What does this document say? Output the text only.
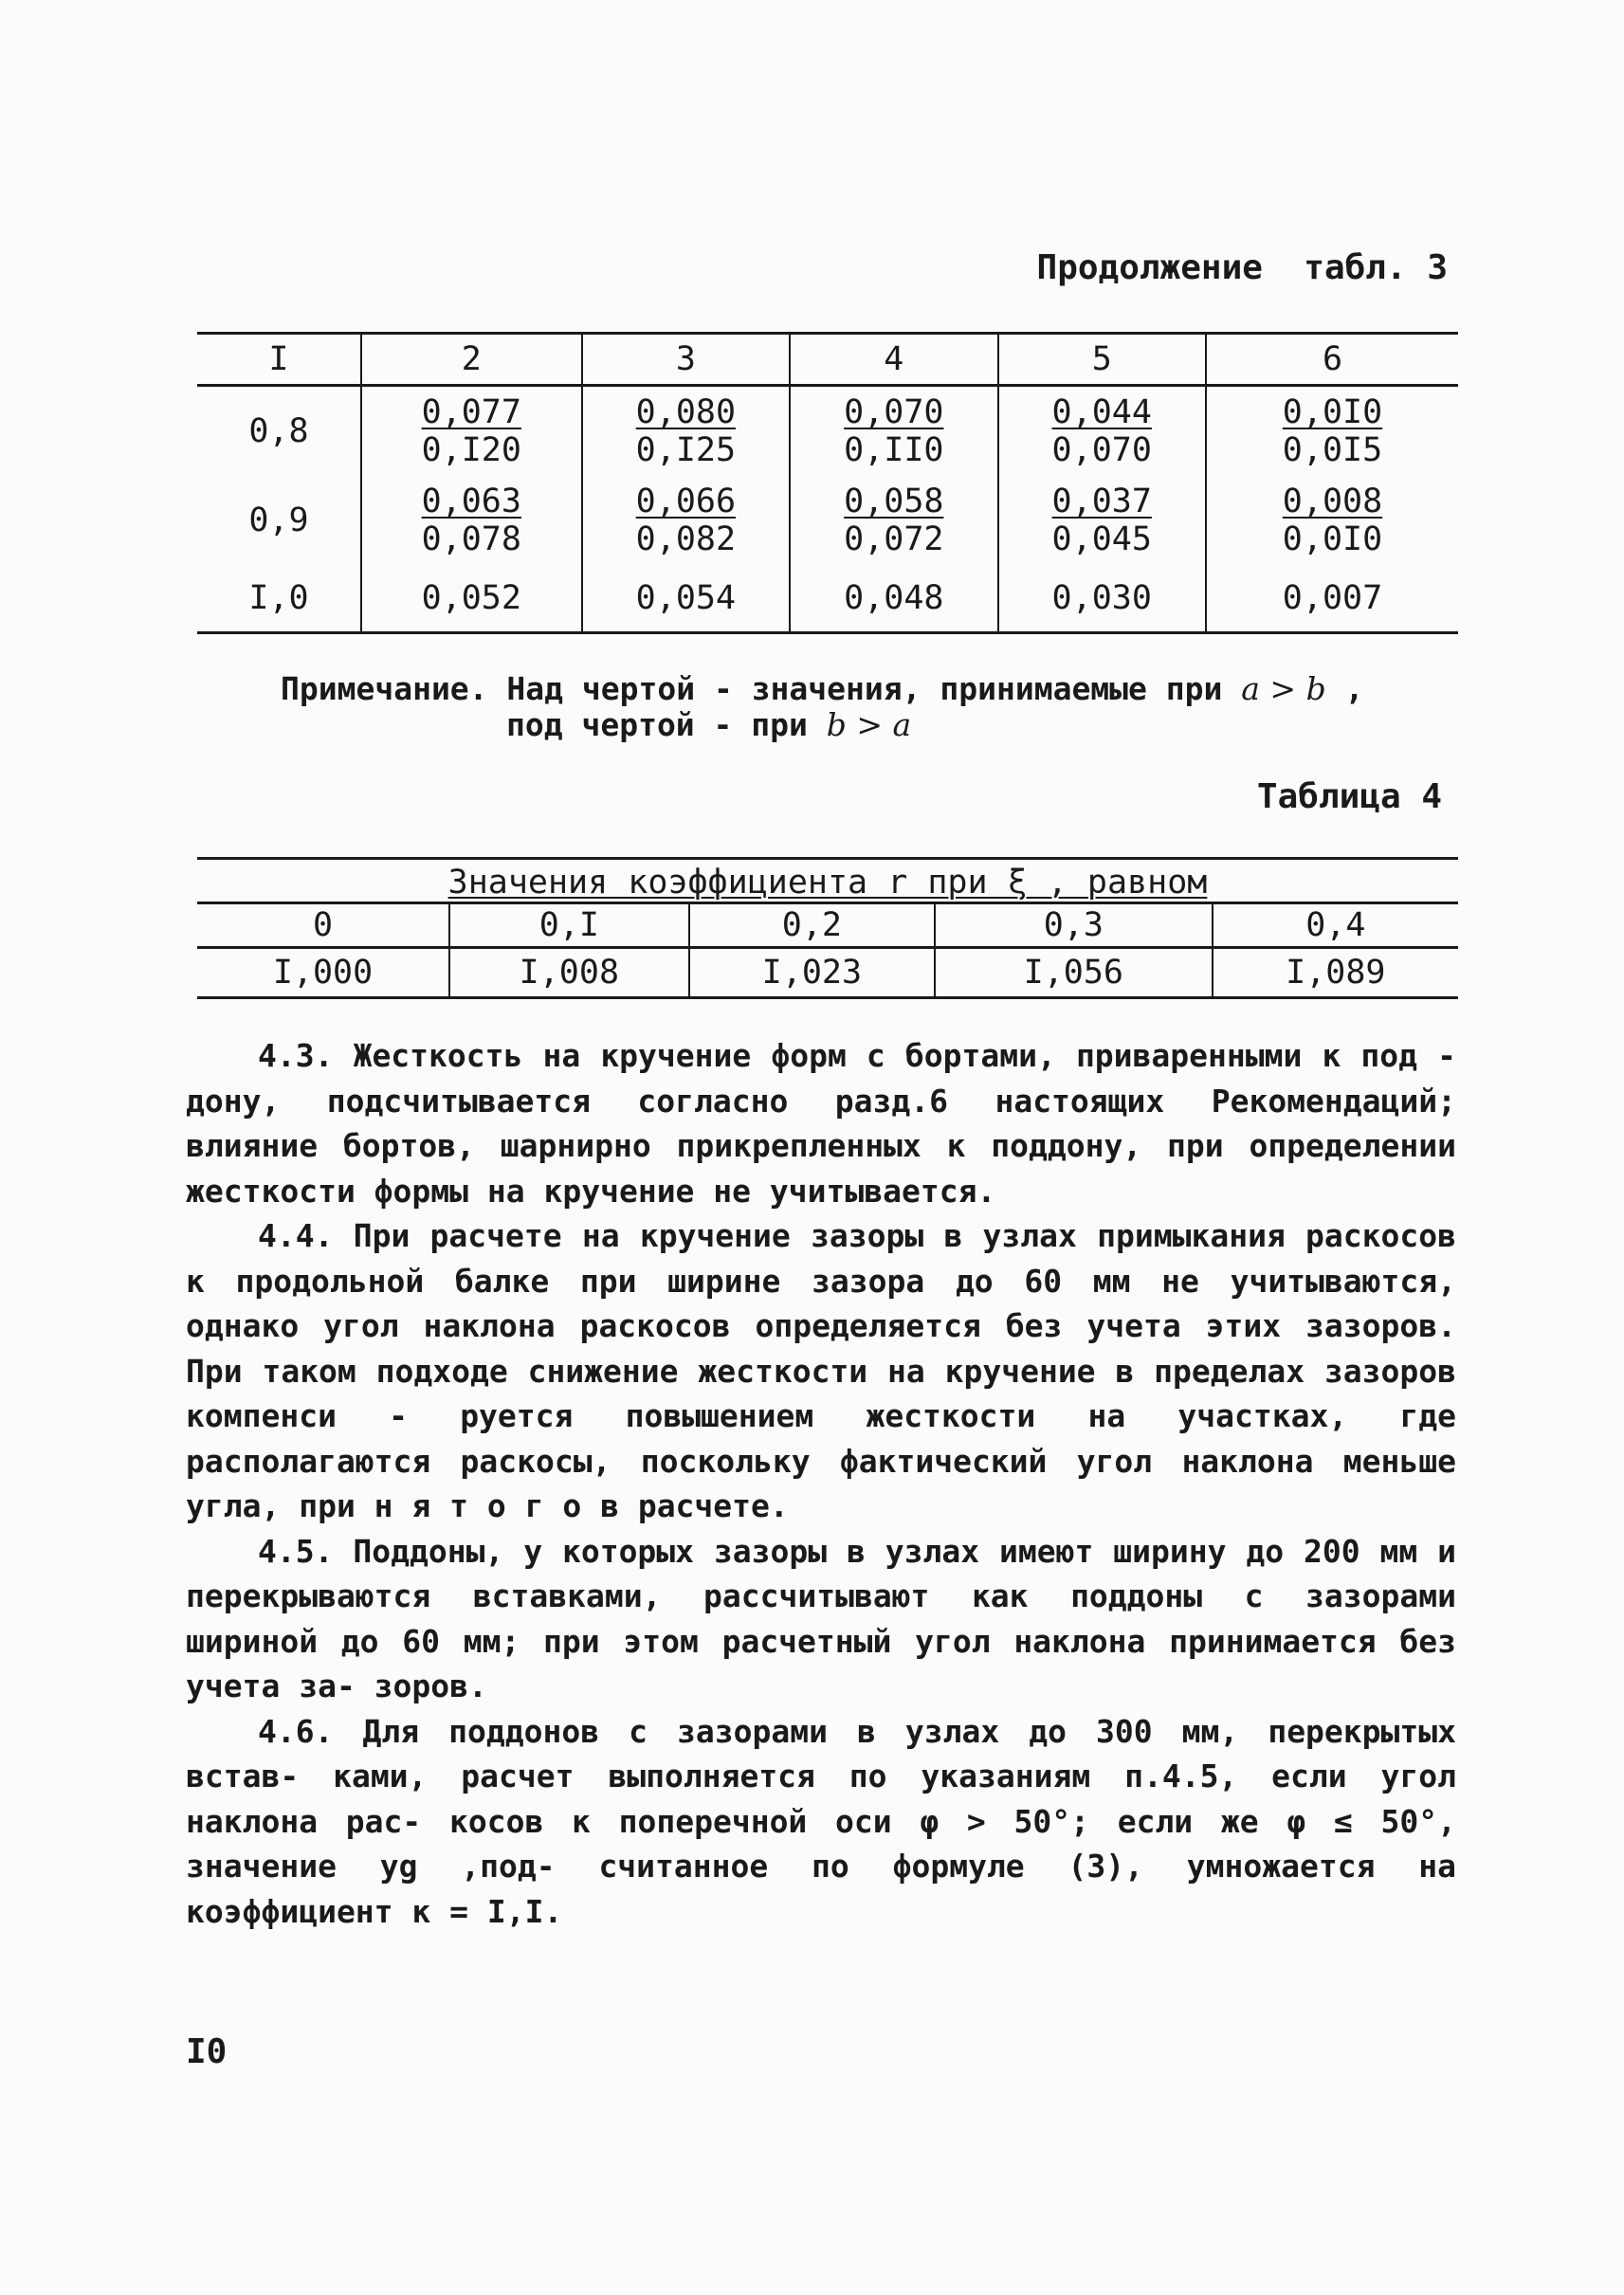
Продолжение  табл. 3
I	2	3	4	5	6
0,8	$\frac{0,077}{0,I20}$	$\frac{0,080}{0,I25}$	$\frac{0,070}{0,II0}$	$\frac{0,044}{0,070}$	$\frac{0,0I0}{0,0I5}$

0,9	$\frac{0,063}{0,078}$	$\frac{0,066}{0,082}$	$\frac{0,058}{0,072}$	$\frac{0,037}{0,045}$	$\frac{0,008}{0,0I0}$

I,0	0,052	0,054	0,048	0,030	0,007
Примечание. Над чертой - значения, принимаемые при a > b ,
под чертой - при b > a
Таблица 4
Значения коэффициента r при ξ , равном				
0	0,I	0,2	0,3	0,4
I,000	I,008	I,023	I,056	I,089

4.3. Жесткость на кручение форм с бортами, приваренными к под - дону, подсчитывается согласно разд.6 настоящих Рекомендаций; влияние бортов, шарнирно прикрепленных к поддону, при определении жесткости формы на кручение не учитывается.

4.4. При расчете на кручение зазоры в узлах примыкания раскосов к продольной балке при ширине зазора до 60 мм не учитываются, однако угол наклона раскосов определяется без учета этих зазоров. При таком подходе снижение жесткости на кручение в пределах зазоров компенси - руется повышением жесткости на участках, где располагаются раскосы, поскольку фактический угол наклона меньше угла, при н я т о г о в расчете.

4.5. Поддоны, у которых зазоры в узлах имеют ширину до 200 мм и перекрываются вставками, рассчитывают как поддоны с зазорами шириной до 60 мм; при этом расчетный угол наклона принимается без учета за- зоров.

4.6. Для поддонов с зазорами в узлах до 300 мм, перекрытых встав- ками, расчет выполняется по указаниям п.4.5, если угол наклона рас- косов к поперечной оси φ > 50°; если же φ ≤ 50°, значение yg ,под- считанное по формуле (3), умножается на коэффициент к = I,I.

I0
